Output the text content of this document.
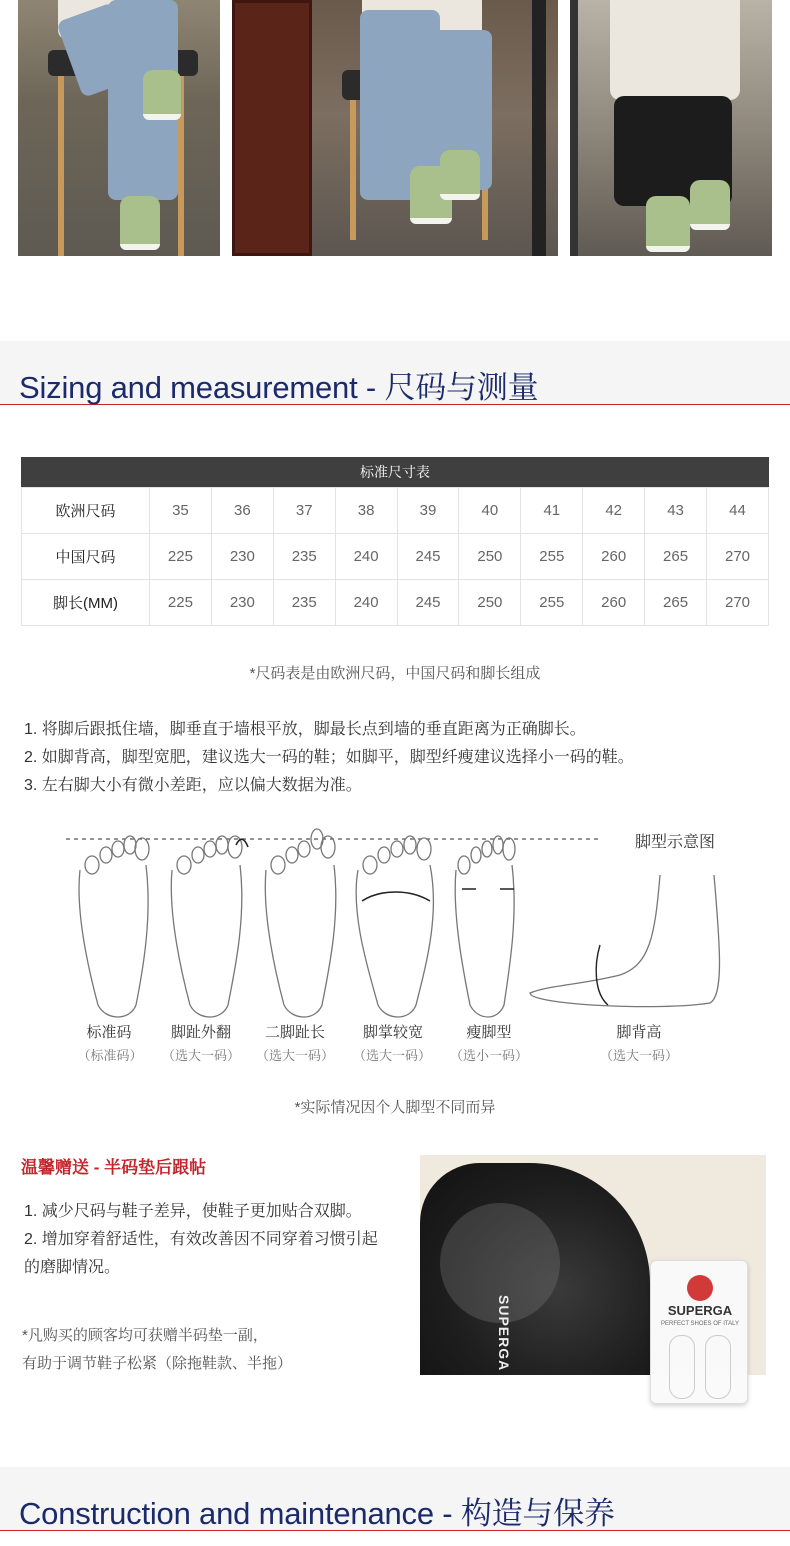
Sizing and measurement - 尺码与测量
标准尺寸表
欧洲尺码	35	36	37	38	39	40	41	42	43	44
中国尺码	225	230	235	240	245	250	255	260	265	270
脚长(MM)	225	230	235	240	245	250	255	260	265	270
*尺码表是由欧洲尺码，中国尺码和脚长组成
1. 将脚后跟抵住墙，脚垂直于墙根平放，脚最长点到墙的垂直距离为正确脚长。
2. 如脚背高，脚型宽肥，建议选大一码的鞋；如脚平，脚型纤瘦建议选择小一码的鞋。
3. 左右脚大小有微小差距，应以偏大数据为准。
脚型示意图
标准码
（标准码）
脚趾外翻
（选大一码）
二脚趾长
（选大一码）
脚掌较宽
（选大一码）
瘦脚型
（选小一码）
脚背高
（选大一码）
*实际情况因个人脚型不同而异
温馨赠送 - 半码垫后跟帖
1. 减少尺码与鞋子差异，使鞋子更加贴合双脚。
2. 增加穿着舒适性，有效改善因不同穿着习惯引起的磨脚情况。
*凡购买的顾客均可获赠半码垫一副，
有助于调节鞋子松紧（除拖鞋款、半拖）	SUPERGA	SUPERGA
PERFECT SHOES OF ITALY
Construction and maintenance - 构造与保养
